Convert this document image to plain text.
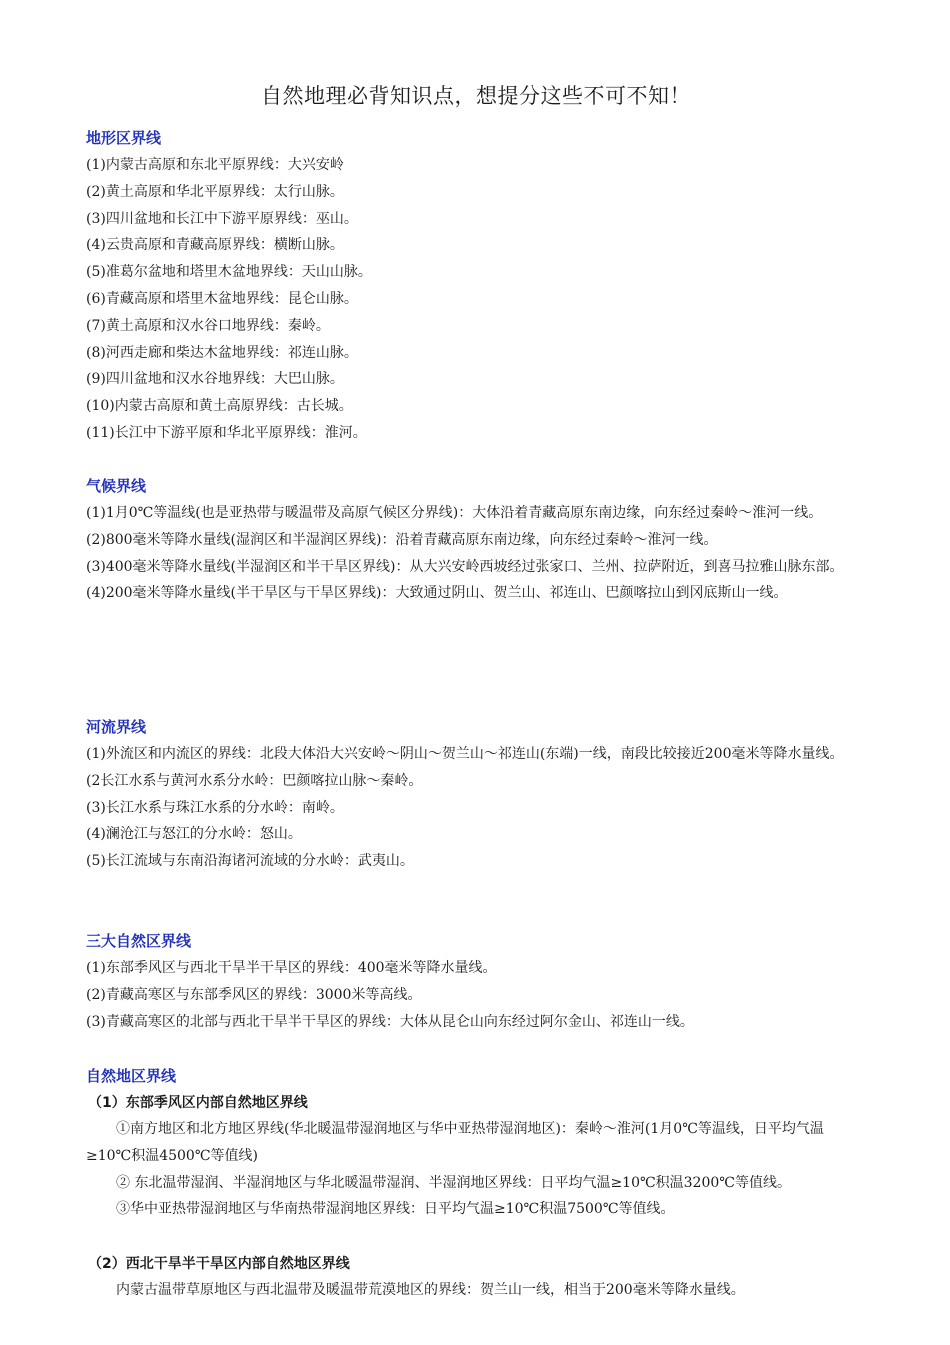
自然地理必背知识点，想提分这些不可不知！
地形区界线
(1)内蒙古高原和东北平原界线：大兴安岭
(2)黄土高原和华北平原界线：太行山脉。
(3)四川盆地和长江中下游平原界线：巫山。
(4)云贵高原和青藏高原界线：横断山脉。
(5)准葛尔盆地和塔里木盆地界线：天山山脉。
(6)青藏高原和塔里木盆地界线：昆仑山脉。
(7)黄土高原和汉水谷口地界线：秦岭。
(8)河西走廊和柴达木盆地界线：祁连山脉。
(9)四川盆地和汉水谷地界线：大巴山脉。
(10)内蒙古高原和黄土高原界线：古长城。
(11)长江中下游平原和华北平原界线：淮河。
气候界线
(1)1月0℃等温线(也是亚热带与暖温带及高原气候区分界线)：大体沿着青藏高原东南边缘，向东经过秦岭～淮河一线。
(2)800毫米等降水量线(湿润区和半湿润区界线)：沿着青藏高原东南边缘，向东经过秦岭～淮河一线。
(3)400毫米等降水量线(半湿润区和半干旱区界线)：从大兴安岭西坡经过张家口、兰州、拉萨附近，到喜马拉雅山脉东部。
(4)200毫米等降水量线(半干旱区与干旱区界线)：大致通过阴山、贺兰山、祁连山、巴颜喀拉山到冈底斯山一线。
河流界线
(1)外流区和内流区的界线：北段大体沿大兴安岭～阴山～贺兰山～祁连山(东端)一线，南段比较接近200毫米等降水量线。
(2长江水系与黄河水系分水岭：巴颜喀拉山脉～秦岭。
(3)长江水系与珠江水系的分水岭：南岭。
(4)澜沧江与怒江的分水岭：怒山。
(5)长江流域与东南沿海诸河流域的分水岭：武夷山。
三大自然区界线
(1)东部季风区与西北干旱半干旱区的界线：400毫米等降水量线。
(2)青藏高寒区与东部季风区的界线：3000米等高线。
(3)青藏高寒区的北部与西北干旱半干旱区的界线：大体从昆仑山向东经过阿尔金山、祁连山一线。
自然地区界线
（1）东部季风区内部自然地区界线
①南方地区和北方地区界线(华北暖温带湿润地区与华中亚热带湿润地区)：秦岭～淮河(1月0℃等温线，日平均气温≥10℃积温4500℃等值线)
② 东北温带湿润、半湿润地区与华北暖温带湿润、半湿润地区界线：日平均气温≥10℃积温3200℃等值线。
③华中亚热带湿润地区与华南热带湿润地区界线：日平均气温≥10℃积温7500℃等值线。
（2）西北干旱半干旱区内部自然地区界线
内蒙古温带草原地区与西北温带及暖温带荒漠地区的界线：贺兰山一线，相当于200毫米等降水量线。
